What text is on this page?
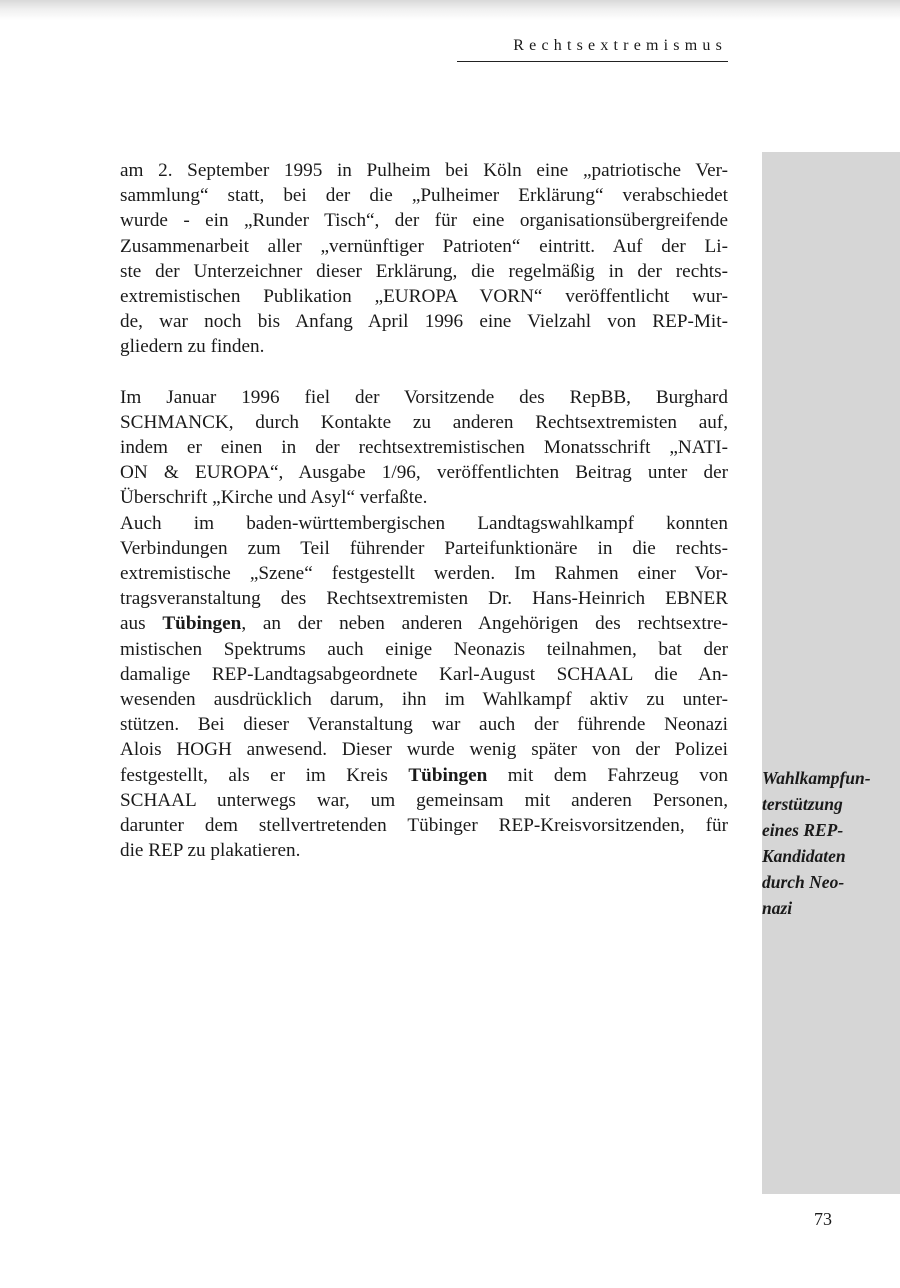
Rechtsextremismus

am 2. September 1995 in Pulheim bei Köln eine „patriotische Ver-
sammlung“ statt, bei der die „Pulheimer Erklärung“ verabschiedet
wurde - ein „Runder Tisch“, der für eine organisationsübergreifende
Zusammenarbeit aller „vernünftiger Patrioten“ eintritt. Auf der Li-
ste der Unterzeichner dieser Erklärung, die regelmäßig in der rechts-
extremistischen Publikation „EUROPA VORN“ veröffentlicht wur-
de, war noch bis Anfang April 1996 eine Vielzahl von REP-Mit-
gliedern zu finden.

Im Januar 1996 fiel der Vorsitzende des RepBB, Burghard
SCHMANCK, durch Kontakte zu anderen Rechtsextremisten auf,
indem er einen in der rechtsextremistischen Monatsschrift „NATI-
ON & EUROPA“, Ausgabe 1/96, veröffentlichten Beitrag unter der
Überschrift „Kirche und Asyl“ verfaßte.

Auch im baden-württembergischen Landtagswahlkampf konnten
Verbindungen zum Teil führender Parteifunktionäre in die rechts-
extremistische „Szene“ festgestellt werden. Im Rahmen einer Vor-
tragsveranstaltung des Rechtsextremisten Dr. Hans-Heinrich EBNER
aus Tübingen, an der neben anderen Angehörigen des rechtsextre-
mistischen Spektrums auch einige Neonazis teilnahmen, bat der
damalige REP-Landtagsabgeordnete Karl-August SCHAAL die An-
wesenden ausdrücklich darum, ihn im Wahlkampf aktiv zu unter-
stützen. Bei dieser Veranstaltung war auch der führende Neonazi
Alois HOGH anwesend. Dieser wurde wenig später von der Polizei
festgestellt, als er im Kreis Tübingen mit dem Fahrzeug von
SCHAAL unterwegs war, um gemeinsam mit anderen Personen,
darunter dem stellvertretenden Tübinger REP-Kreisvorsitzenden, für
die REP zu plakatieren.

Wahlkampfun-
terstützung
eines REP-
Kandidaten
durch Neo-
nazi
73
